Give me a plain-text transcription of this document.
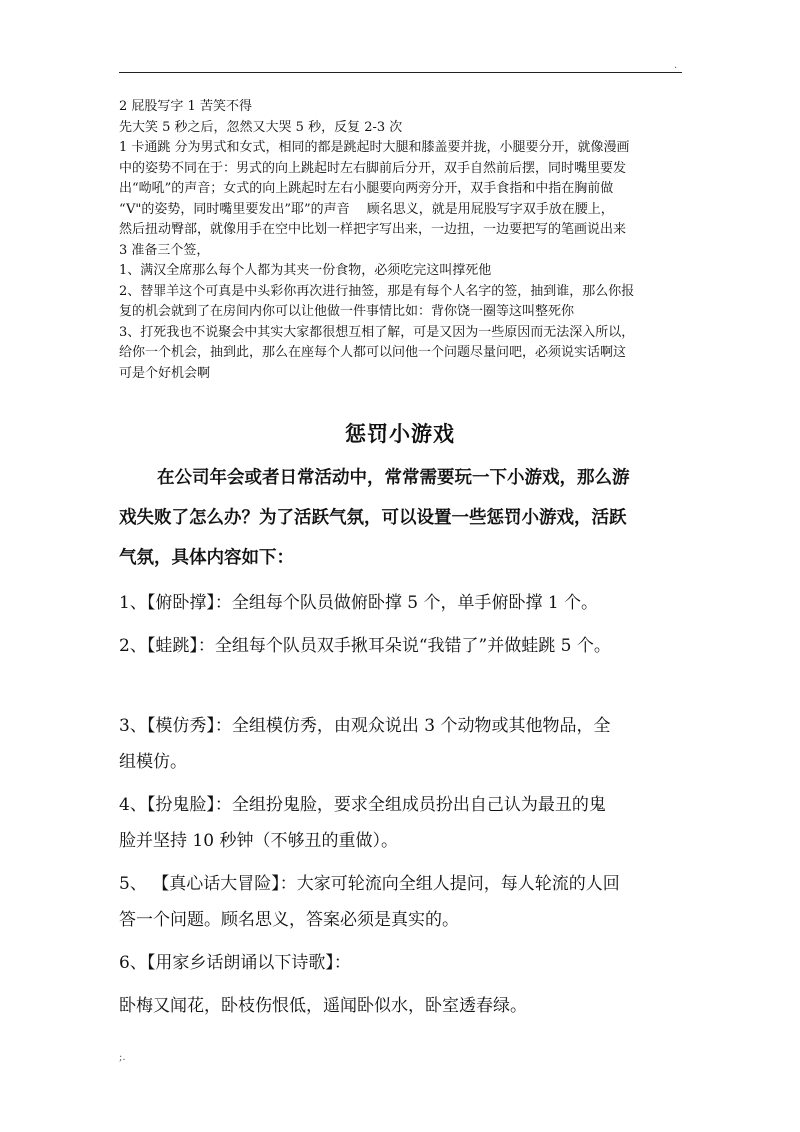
.

2 屁股写字 1 苦笑不得

先大笑 5 秒之后，忽然又大哭 5 秒，反复 2-3 次

1 卡通跳 分为男式和女式，相同的都是跳起时大腿和膝盖要并拢，小腿要分开，就像漫画

中的姿势不同在于：男式的向上跳起时左右脚前后分开，双手自然前后摆，同时嘴里要发

出“呦吼”的声音；女式的向上跳起时左右小腿要向两旁分开，双手食指和中指在胸前做

“V"的姿势，同时嘴里要发出”耶”的声音　 顾名思义，就是用屁股写字双手放在腰上，

然后扭动臀部，就像用手在空中比划一样把字写出来，一边扭，一边要把写的笔画说出来

3 准备三个签，

1、满汉全席那么每个人都为其夹一份食物，必须吃完这叫撑死他

2、替罪羊这个可真是中头彩你再次进行抽签，那是有每个人名字的签，抽到谁，那么你报

复的机会就到了在房间内你可以让他做一件事情比如：背你饶一圈等这叫整死你

3、打死我也不说聚会中其实大家都很想互相了解，可是又因为一些原因而无法深入所以，

给你一个机会，抽到此，那么在座每个人都可以问他一个问题尽量问吧，必须说实话啊这

可是个好机会啊

惩罚小游戏

在公司年会或者日常活动中，常常需要玩一下小游戏，那么游

戏失败了怎么办？为了活跃气氛，可以设置一些惩罚小游戏，活跃

气氛，具体内容如下：

1、【俯卧撑】：全组每个队员做俯卧撑 5 个，单手俯卧撑 1 个。

2、【蛙跳】：全组每个队员双手揪耳朵说“我错了”并做蛙跳 5 个。

3、【模仿秀】：全组模仿秀，由观众说出 3 个动物或其他物品，全

组模仿。

4、【扮鬼脸】：全组扮鬼脸，要求全组成员扮出自己认为最丑的鬼

脸并坚持 10 秒钟（不够丑的重做）。

5、 【真心话大冒险】：大家可轮流向全组人提问，每人轮流的人回

答一个问题。顾名思义，答案必须是真实的。

6、【用家乡话朗诵以下诗歌】：

卧梅又闻花，卧枝伤恨低，遥闻卧似水，卧室透春绿。

;.
